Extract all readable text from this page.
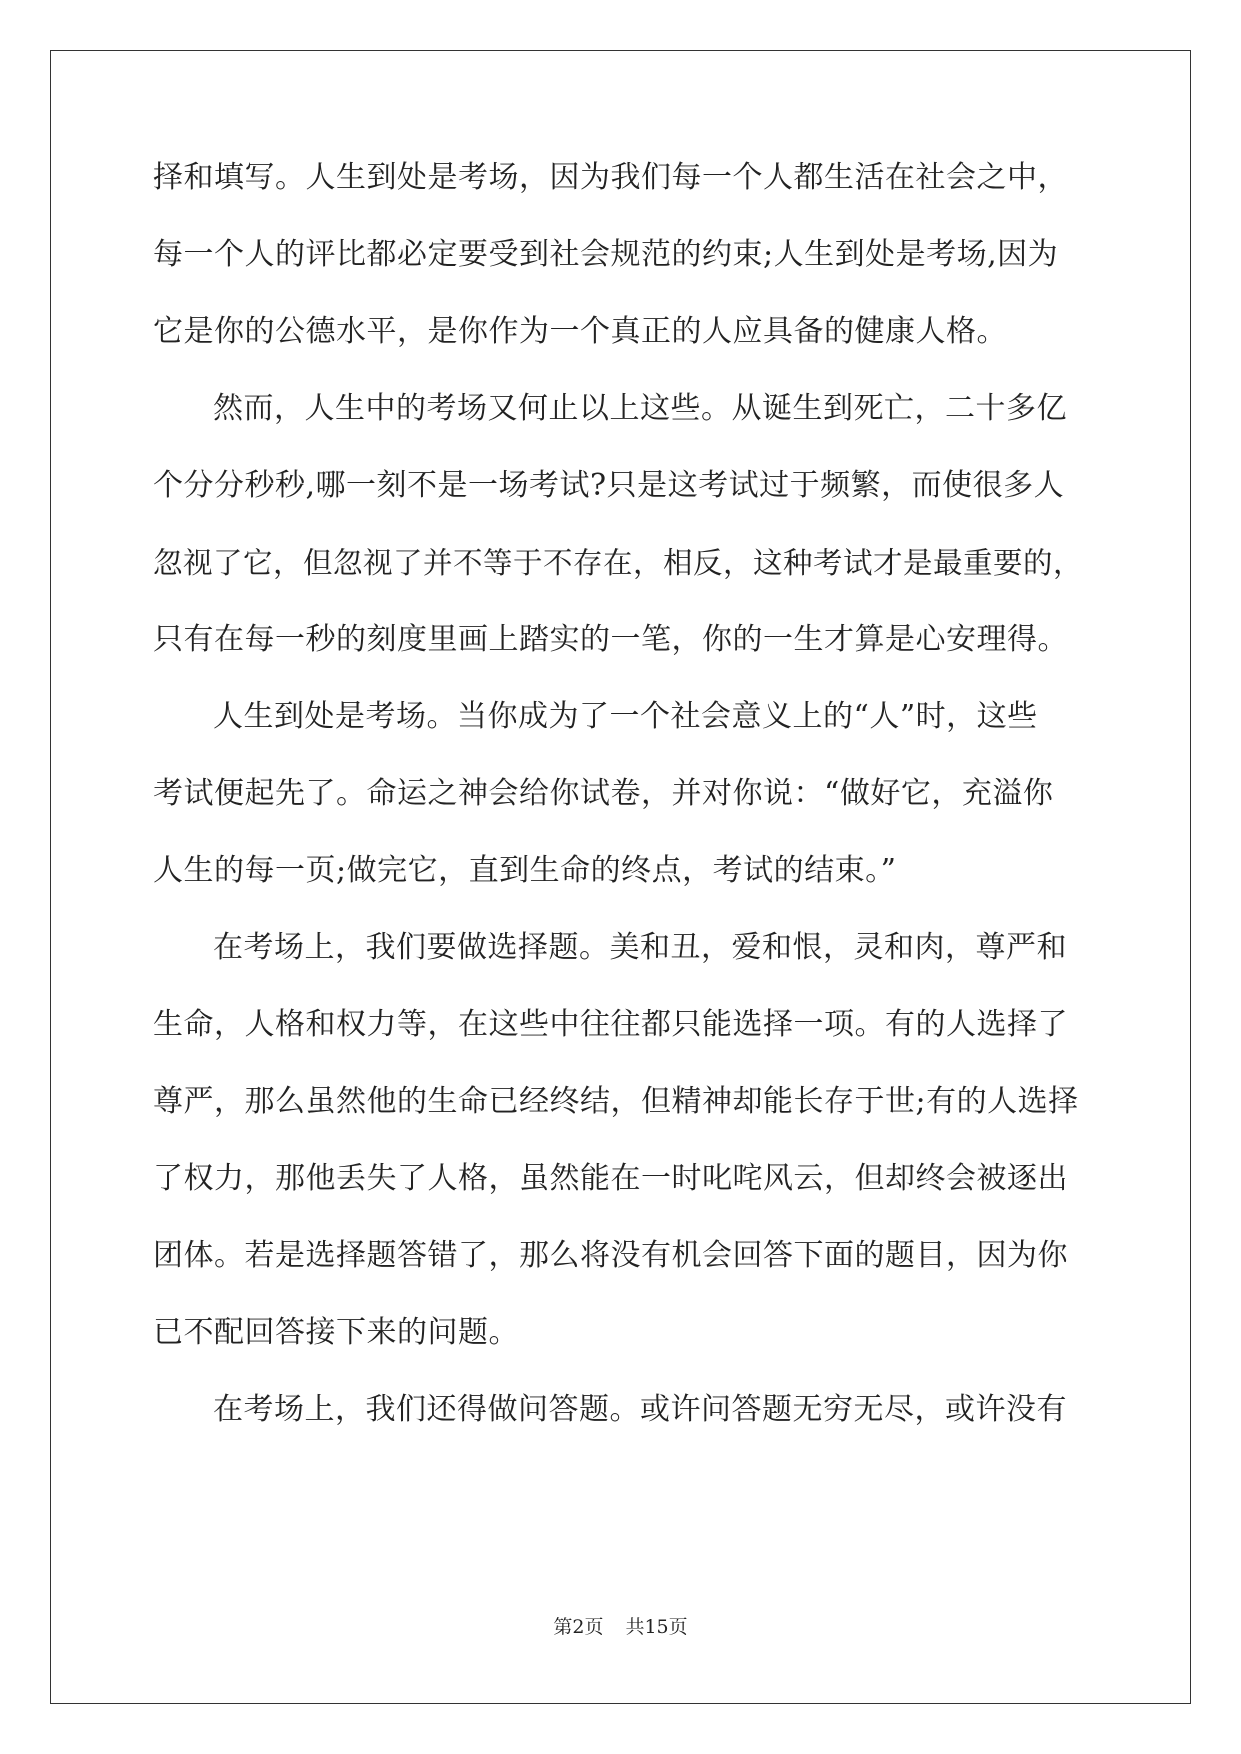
择和填写。人生到处是考场，因为我们每一个人都生活在社会之中，
每一个人的评比都必定要受到社会规范的约束;人生到处是考场,因为
它是你的公德水平，是你作为一个真正的人应具备的健康人格。
然而，人生中的考场又何止以上这些。从诞生到死亡，二十多亿
个分分秒秒,哪一刻不是一场考试?只是这考试过于频繁，而使很多人
忽视了它，但忽视了并不等于不存在，相反，这种考试才是最重要的，
只有在每一秒的刻度里画上踏实的一笔，你的一生才算是心安理得。
人生到处是考场。当你成为了一个社会意义上的“人”时，这些
考试便起先了。命运之神会给你试卷，并对你说：“做好它，充溢你
人生的每一页;做完它，直到生命的终点，考试的结束。”
在考场上，我们要做选择题。美和丑，爱和恨，灵和肉，尊严和
生命，人格和权力等，在这些中往往都只能选择一项。有的人选择了
尊严，那么虽然他的生命已经终结，但精神却能长存于世;有的人选择
了权力，那他丢失了人格，虽然能在一时叱咤风云，但却终会被逐出
团体。若是选择题答错了，那么将没有机会回答下面的题目，因为你
已不配回答接下来的问题。
在考场上，我们还得做问答题。或许问答题无穷无尽，或许没有
第2页 共15页
